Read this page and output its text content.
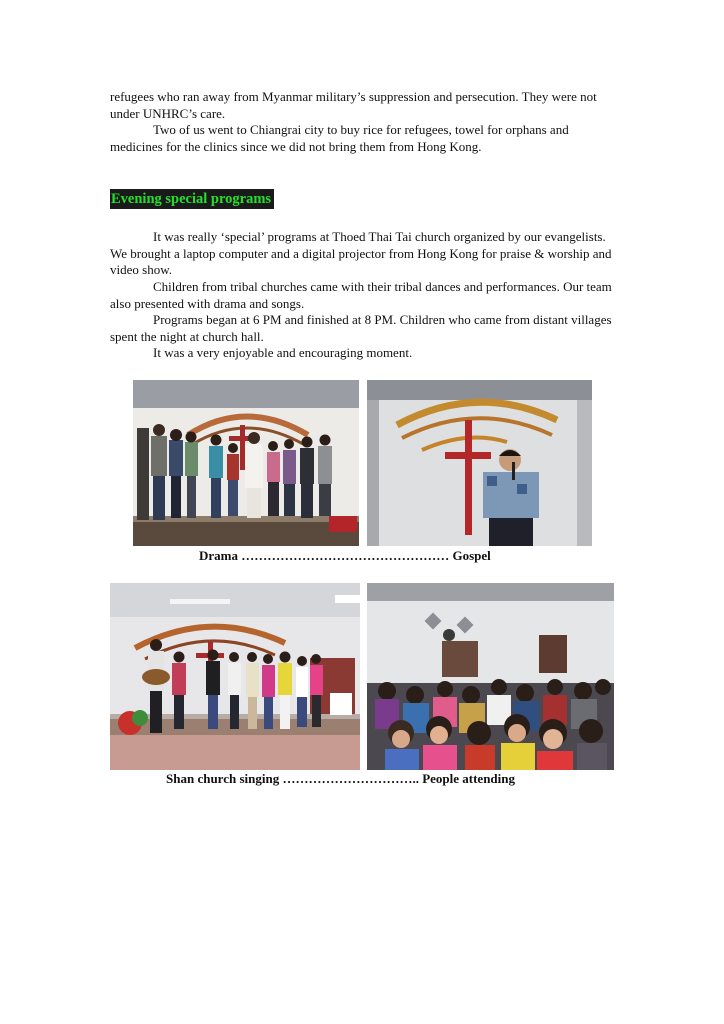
refugees who ran away from Myanmar military’s suppression and persecution. They were not under UNHRC’s care.

Two of us went to Chiangrai city to buy rice for refugees, towel for orphans and medicines for the clinics since we did not bring them from Hong Kong.

Evening special programs

It was really ‘special’ programs at Thoed Thai Tai church organized by our evangelists. We brought a laptop computer and a digital projector from Hong Kong for praise & worship and video show.

Children from tribal churches came with their tribal dances and performances. Our team also presented with drama and songs.

Programs began at 6 PM and finished at 8 PM. Children who came from distant villages spent the night at church hall.

It was a very enjoyable and encouraging moment.

Drama ………………………………………… Gospel

Shan church singing ………………………….. People attending
